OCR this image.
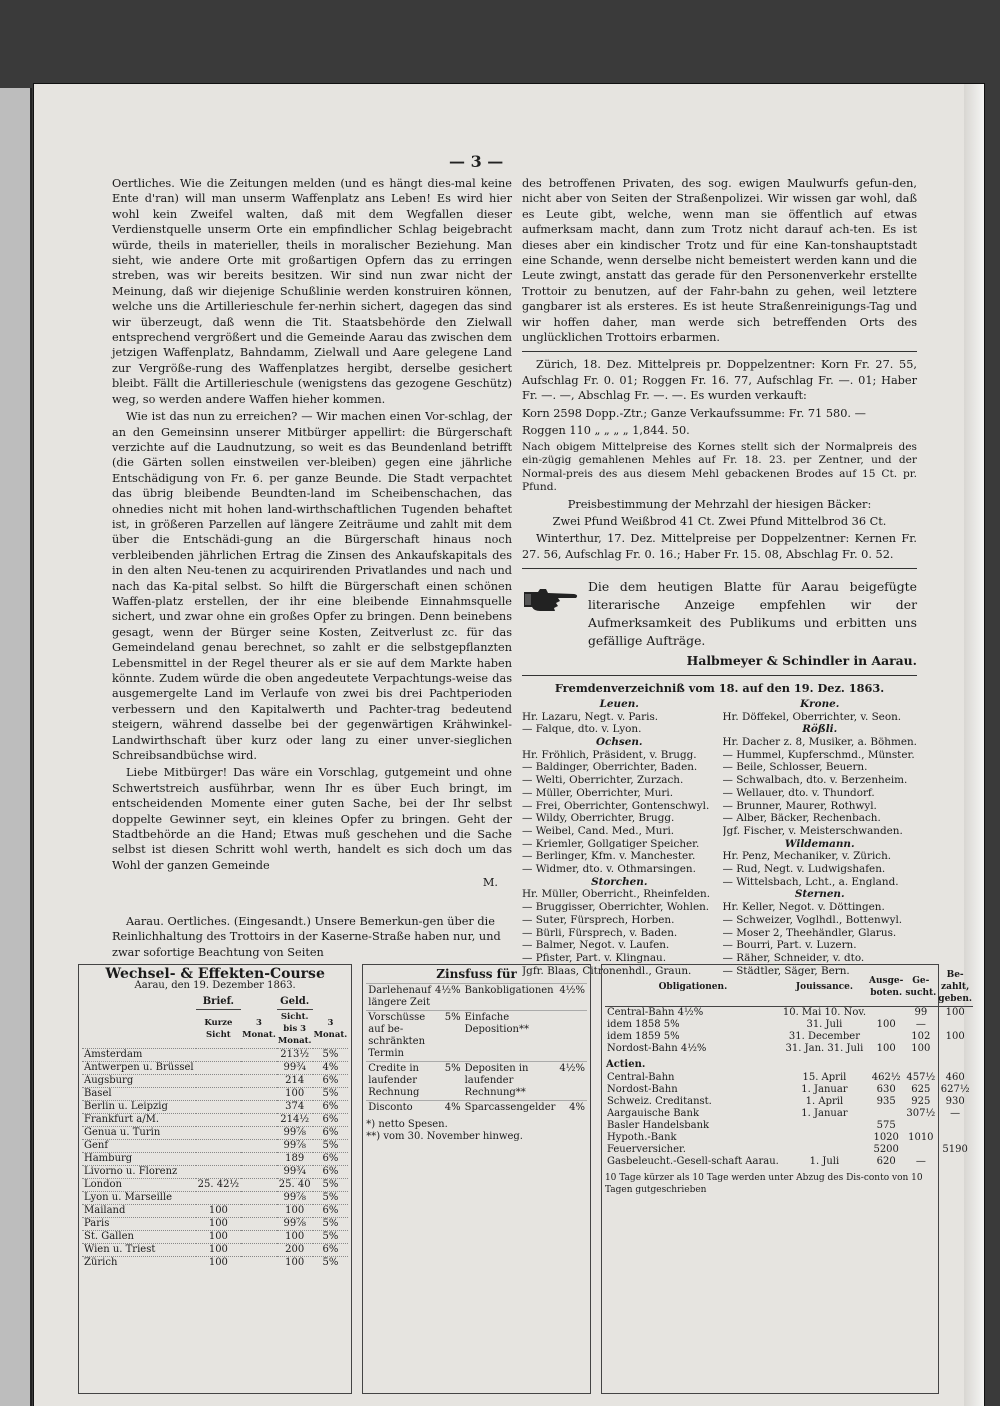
— 3 —

Oertliches. Wie die Zeitungen melden (und es hängt dies-mal keine Ente d'ran) will man unserm Waffenplatz ans Leben! Es wird hier wohl kein Zweifel walten, daß mit dem Wegfallen dieser Verdienstquelle unserm Orte ein empfindlicher Schlag beigebracht würde, theils in materieller, theils in moralischer Beziehung. Man sieht, wie andere Orte mit großartigen Opfern das zu erringen streben, was wir bereits besitzen. Wir sind nun zwar nicht der Meinung, daß wir diejenige Schußlinie werden konstruiren können, welche uns die Artillerieschule fer-nerhin sichert, dagegen das sind wir überzeugt, daß wenn die Tit. Staatsbehörde den Zielwall entsprechend vergrößert und die Gemeinde Aarau das zwischen dem jetzigen Waffenplatz, Bahndamm, Zielwall und Aare gelegene Land zur Vergröße-rung des Waffenplatzes hergibt, derselbe gesichert bleibt. Fällt die Artillerieschule (wenigstens das gezogene Geschütz) weg, so werden andere Waffen hieher kommen.

Wie ist das nun zu erreichen? — Wir machen einen Vor-schlag, der an den Gemeinsinn unserer Mitbürger appellirt: die Bürgerschaft verzichte auf die Laudnutzung, so weit es das Beundenland betrifft (die Gärten sollen einstweilen ver-bleiben) gegen eine jährliche Entschädigung von Fr. 6. per ganze Beunde. Die Stadt verpachtet das übrig bleibende Beundten-land im Scheibenschachen, das ohnedies nicht mit hohen land-wirthschaftlichen Tugenden behaftet ist, in größeren Parzellen auf längere Zeiträume und zahlt mit dem über die Entschädi-gung an die Bürgerschaft hinaus noch verbleibenden jährlichen Ertrag die Zinsen des Ankaufskapitals des in den alten Neu-tenen zu acquirirenden Privatlandes und nach und nach das Ka-pital selbst. So hilft die Bürgerschaft einen schönen Waffen-platz erstellen, der ihr eine bleibende Einnahmsquelle sichert, und zwar ohne ein großes Opfer zu bringen. Denn beinebens gesagt, wenn der Bürger seine Kosten, Zeitverlust zc. für das Gemeindeland genau berechnet, so zahlt er die selbstgepflanzten Lebensmittel in der Regel theurer als er sie auf dem Markte haben könnte. Zudem würde die oben angedeutete Verpachtungs-weise das ausgemergelte Land im Verlaufe von zwei bis drei Pachtperioden verbessern und den Kapitalwerth und Pachter-trag bedeutend steigern, während dasselbe bei der gegenwärtigen Krähwinkel-Landwirthschaft über kurz oder lang zu einer unver-sieglichen Schreibsandbüchse wird.

Liebe Mitbürger! Das wäre ein Vorschlag, gutgemeint und ohne Schwertstreich ausführbar, wenn Ihr es über Euch bringt, im entscheidenden Momente einer guten Sache, bei der Ihr selbst doppelte Gewinner seyt, ein kleines Opfer zu bringen. Geht der Stadtbehörde an die Hand; Etwas muß geschehen und die Sache selbst ist diesen Schritt wohl werth, handelt es sich doch um das Wohl der ganzen Gemeinde

M.

des betroffenen Privaten, des sog. ewigen Maulwurfs gefun-den, nicht aber von Seiten der Straßenpolizei. Wir wissen gar wohl, daß es Leute gibt, welche, wenn man sie öffentlich auf etwas aufmerksam macht, dann zum Trotz nicht darauf ach-ten. Es ist dieses aber ein kindischer Trotz und für eine Kan-tonshauptstadt eine Schande, wenn derselbe nicht bemeistert werden kann und die Leute zwingt, anstatt das gerade für den Personenverkehr erstellte Trottoir zu benutzen, auf der Fahr-bahn zu gehen, weil letztere gangbarer ist als ersteres. Es ist heute Straßenreinigungs-Tag und wir hoffen daher, man werde sich betreffenden Orts des unglücklichen Trottoirs erbarmen.

Zürich, 18. Dez. Mittelpreis pr. Doppelzentner: Korn Fr. 27. 55, Aufschlag Fr. 0. 01; Roggen Fr. 16. 77, Aufschlag Fr. —. 01; Haber Fr. —. —, Abschlag Fr. —. —. Es wurden verkauft:

Korn 2598 Dopp.-Ztr.; Ganze Verkaufssumme: Fr. 71 580. —

Roggen 110 „ „ „ „ 1,844. 50.

Nach obigem Mittelpreise des Kornes stellt sich der Normalpreis des ein-zügig gemahlenen Mehles auf Fr. 18. 23. per Zentner, und der Normal-preis des aus diesem Mehl gebackenen Brodes auf 15 Ct. pr. Pfund.

Preisbestimmung der Mehrzahl der hiesigen Bäcker:

Zwei Pfund Weißbrod 41 Ct. Zwei Pfund Mittelbrod 36 Ct.

Winterthur, 17. Dez. Mittelpreise per Doppelzentner: Kernen Fr. 27. 56, Aufschlag Fr. 0. 16.; Haber Fr. 15. 08, Abschlag Fr. 0. 52.

Die dem heutigen Blatte für Aarau beigefügte literarische Anzeige empfehlen wir der Aufmerksamkeit des Publikums und erbitten uns gefällige Aufträge.
Halbmeyer & Schindler in Aarau.
Fremdenverzeichniß vom 18. auf den 19. Dez. 1863.
Leuen.
Hr. Lazaru, Negt. v. Paris.
— Falque, dto. v. Lyon.
Ochsen.
Hr. Fröhlich, Präsident, v. Brugg.
— Baldinger, Oberrichter, Baden.
— Welti, Oberrichter, Zurzach.
— Müller, Oberrichter, Muri.
— Frei, Oberrichter, Gontenschwyl.
— Wildy, Oberrichter, Brugg.
— Weibel, Cand. Med., Muri.
— Kriemler, Gollgatiger Speicher.
— Berlinger, Kfm. v. Manchester.
— Widmer, dto. v. Othmarsingen.
Storchen.
Hr. Müller, Oberricht., Rheinfelden.
— Bruggisser, Oberrichter, Wohlen.
— Suter, Fürsprech, Horben.
— Bürli, Fürsprech, v. Baden.
— Balmer, Negot. v. Laufen.
— Pfister, Part. v. Klingnau.
Jgfr. Blaas, Citronenhdl., Graun.
Krone.
Hr. Döffekel, Oberrichter, v. Seon.
Rößli.
Hr. Dacher z. 8, Musiker, a. Böhmen.
— Hummel, Kupferschmd., Münster.
— Beile, Schlosser, Beuern.
— Schwalbach, dto. v. Berzenheim.
— Wellauer, dto. v. Thundorf.
— Brunner, Maurer, Rothwyl.
— Alber, Bäcker, Rechenbach.
Jgf. Fischer, v. Meisterschwanden.
Wildemann.
Hr. Penz, Mechaniker, v. Zürich.
— Rud, Negt. v. Ludwigshafen.
— Wittelsbach, Lcht., a. England.
Sternen.
Hr. Keller, Negot. v. Döttingen.
— Schweizer, Voglhdl., Bottenwyl.
— Moser 2, Theehändler, Glarus.
— Bourri, Part. v. Luzern.
— Räher, Schneider, v. dto.
— Städtler, Säger, Bern.
Aarau. Oertliches. (Eingesandt.) Unsere Bemerkun-gen über die Reinlichhaltung des Trottoirs in der Kaserne-Straße haben nur, und zwar sofortige Beachtung von Seiten
Wechsel- & Effekten-Course
Aarau, den 19. Dezember 1863.
	Brief.		Geld.	
	Kurze Sicht	3 Monat.	Sicht. bis 3 Monat.	3 Monat.
Amsterdam			213½	5%
Antwerpen u. Brüssel			99¾	4%
Augsburg			214	6%
Basel			100	5%
Berlin u. Leipzig			374	6%
Frankfurt a/M.			214½	6%
Genua u. Turin			99⅞	6%
Genf			99⅞	5%
Hamburg			189	6%
Livorno u. Florenz			99¾	6%
London	25. 42½		25. 40	5%
Lyon u. Marseille			99⅞	5%
Mailand	100		100	6%
Paris	100		99⅞	5%
St. Gallen	100		100	5%
Wien u. Triest	100		200	6%
Zürich	100		100	5%
Zinsfuss für
Darlehenauf längere Zeit	4½%	Bankobligationen	4½%
Vorschüsse auf be-schränkten Termin	5%	Einfache Deposition**	
Credite in laufender Rechnung	5%	Depositen in laufender Rechnung**	4½%
Disconto	4%	Sparcassengelder	4%
*) netto Spesen.
**) vom 30. November hinweg.
Obligationen.	Jouissance.	Ausge-boten.	Ge-sucht.	Be-zahlt, geben.
Central-Bahn 4½%	10. Mai 10. Nov.		99	100
idem 1858 5%	31. Juli	100	—	
idem 1859 5%	31. December		102	100
Nordost-Bahn 4½%	31. Jan. 31. Juli	100	100	
Actien.				
Central-Bahn	15. April	462½	457½	460
Nordost-Bahn	1. Januar	630	625	627½
Schweiz. Creditanst.	1. April	935	925	930
Aargauische Bank	1. Januar		307½	—
Basler Handelsbank		575		
Hypoth.-Bank		1020	1010	
Feuerversicher.		5200		5190
Gasbeleucht.-Gesell-schaft Aarau.	1. Juli	620	—	
10 Tage kürzer als 10 Tage werden unter Abzug des Dis-conto von 10 Tagen gutgeschrieben
